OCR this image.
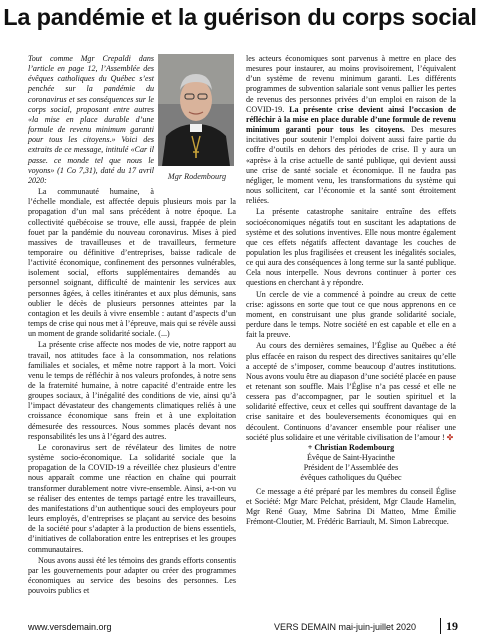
La pandémie et la guérison du corps social
Mgr Rodembourg

Tout comme Mgr Crepaldi dans l’article en page 12, l’Assemblée des évêques catholiques du Québec s’est penchée sur la pandémie du coronavirus et ses conséquences sur le corps social, proposant entre autres «la mise en place durable d’une formule de revenu minimum garanti pour tous les citoyens.» Voici des extraits de ce message, intitulé «Car il passe. ce monde tel que nous le voyons» (1 Co 7,31), daté du 17 avril 2020:

La communauté humaine, à l’échelle mondiale, est affectée depuis plusieurs mois par la propagation d’un mal sans précédent à notre époque. La collectivité québécoise se trouve, elle aussi, frappée de plein fouet par la pandémie du nouveau coronavirus. Mises à pied massives de travailleuses et de travailleurs, fermeture temporaire ou définitive d’entreprises, baisse radicale de l’activité économique, confinement des personnes vulnérables, isolement social, efforts supplémentaires demandés au personnel soignant, difficulté de maintenir les services aux personnes âgées, à celles itinérantes et aux plus démunis, sans oublier le décès de plusieurs personnes atteintes par la contagion et les deuils à vivre ensemble : autant d’aspects d’un temps de crise qui nous met à l’épreuve, mais qui se révèle aussi un moment de grande solidarité sociale. (...)

La présente crise affecte nos modes de vie, notre rapport au travail, nos attitudes face à la consommation, nos relations familiales et sociales, et même notre rapport à la mort. Voici venu le temps de réfléchir à nos valeurs profondes, à notre sens de la fraternité humaine, à notre capacité d’entraide entre les groupes sociaux, à l’inégalité des conditions de vie, ainsi qu’à l’impact dévastateur des changements climatiques reliés à une croissance économique sans frein et à une exploitation démesurée des ressources. Nous sommes placés devant nos responsabilités les uns à l’égard des autres.

Le coronavirus sert de révélateur des limites de notre système socio-économique. La solidarité sociale que la propagation de la COVID-19 a réveillée chez plusieurs d’entre nous apparaît comme une réaction en chaîne qui pourrait transformer durablement notre vivre-ensemble. Ainsi, a-t-on vu se réaliser des ententes de temps partagé entre les travailleurs, des manifestations d’un authentique souci des employeurs pour leurs employés, d’entreprises se plaçant au service des besoins de la société pour s’adapter à la production de biens essentiels, d’initiatives de collaboration entre les entreprises et les groupes communautaires.

Nous avons aussi été les témoins des grands efforts consentis par les gouvernements pour adapter ou créer des programmes économiques au service des besoins des personnes. Les pouvoirs publics et

les acteurs économiques sont parvenus à mettre en place des mesures pour instaurer, au moins provisoirement, l’équivalent d’un système de revenu minimum garanti. Les différents programmes de subvention salariale sont venus pallier les pertes de revenus des personnes privées d’un emploi en raison de la COVID-19. La présente crise devient ainsi l’occasion de réfléchir à la mise en place durable d’une formule de revenu minimum garanti pour tous les citoyens. Des mesures incitatives pour soutenir l’emploi doivent aussi faire partie du coffre d’outils en dehors des périodes de crise. Il y aura un «après» à la crise actuelle de santé publique, qui devient aussi une crise de santé sociale et économique. Il ne faudra pas négliger, le moment venu, les transformations du système qui nous sollicitent, car l’économie et la santé sont étroitement reliées.

La présente catastrophe sanitaire entraîne des effets socioéconomiques négatifs tout en suscitant les adaptations de système et des solutions inventives. Elle nous montre également que ces effets négatifs affectent davantage les couches de population les plus fragilisées et creusent les inégalités sociales, ce qui aura des conséquences à long terme sur la santé publique. Cela nous interpelle. Nous devrons continuer à porter ces questions en cherchant à y répondre.

Un cercle de vie a commencé à poindre au creux de cette crise: agissons en sorte que tout ce que nous apprenons en ce moment, en construisant une plus grande solidarité sociale, perdure dans le temps. Notre société en est capable et elle en a fait la preuve.

Au cours des dernières semaines, l’Église au Québec a été plus effacée en raison du respect des directives sanitaires qu’elle a accepté de s’imposer, comme beaucoup d’autres institutions. Nous avons voulu être au diapason d’une société placée en pause et retenant son souffle. Mais l’Église n’a pas cessé et elle ne cessera pas d’accompagner, par le soutien spirituel et la solidarité effective, ceux et celles qui souffrent davantage de la crise sanitaire et des bouleversements économiques qui en découlent. Continuons d’avancer ensemble pour réaliser une société plus solidaire et une véritable civilisation de l’amour ! ✤

+ Christian Rodembourg
Évêque de Saint-Hyacinthe
Président de l’Assemblée des
évêques catholiques du Québec

Ce message a été préparé par les membres du conseil Église et Société: Mgr Marc Pelchat, président, Mgr Claude Hamelin, Mgr René Guay, Mme Sabrina Di Matteo, Mme Émilie Frémont-Cloutier, M. Frédéric Barriault, M. Simon Labrecque.

www.versdemain.org	VERS DEMAIN mai-juin-juillet 2020 19
